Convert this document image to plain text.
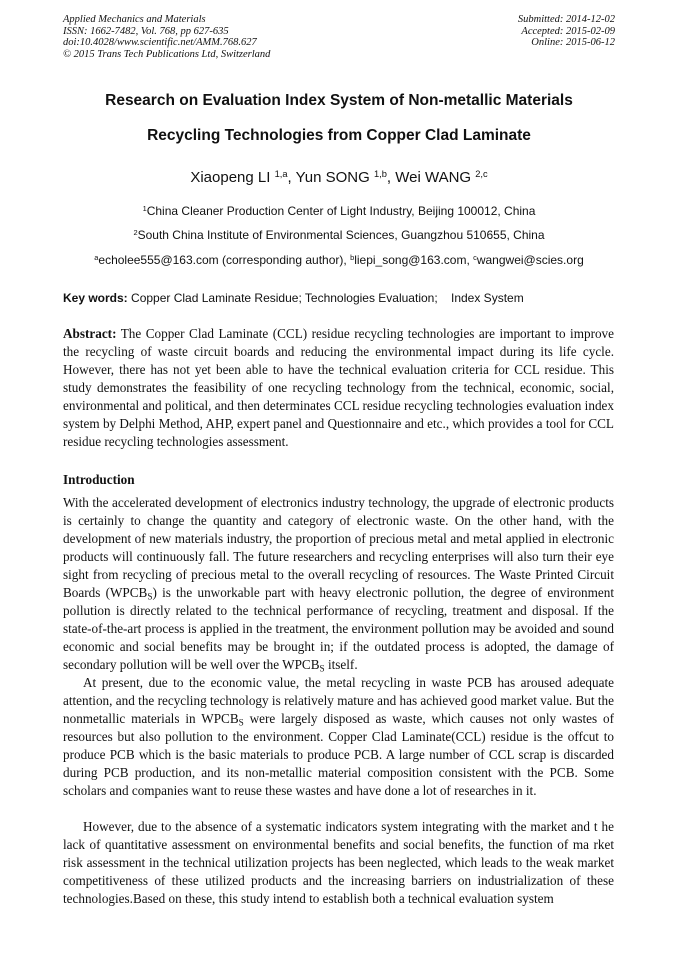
Applied Mechanics and Materials
ISSN: 1662-7482, Vol. 768, pp 627-635
doi:10.4028/www.scientific.net/AMM.768.627
© 2015 Trans Tech Publications Ltd, Switzerland
Submitted: 2014-12-02
Accepted: 2015-02-09
Online: 2015-06-12
Research on Evaluation Index System of Non-metallic Materials
Recycling Technologies from Copper Clad Laminate
Xiaopeng LI $^{1,a}$, Yun SONG $^{1,b}$, Wei WANG $^{2,c}$
$^1$China Cleaner Production Center of Light Industry, Beijing 100012, China
$^2$South China Institute of Environmental Sciences, Guangzhou 510655, China
$^a$echolee555@163.com (corresponding author), $^b$liepi_song@163.com, $^c$wangwei@scies.org
Key words: Copper Clad Laminate Residue; Technologies Evaluation;    Index System
Abstract: The Copper Clad Laminate (CCL) residue recycling technologies are important to improve the recycling of waste circuit boards and reducing the environmental impact during its life cycle. However, there has not yet been able to have the technical evaluation criteria for CCL residue. This study demonstrates the feasibility of one recycling technology from the technical, economic, social, environmental and political, and then determinates CCL residue recycling technologies evaluation index system by Delphi Method, AHP, expert panel and Questionnaire and etc., which provides a tool for CCL residue recycling technologies assessment.
Introduction
With the accelerated development of electronics industry technology, the upgrade of electronic products is certainly to change the quantity and category of electronic waste. On the other hand, with the development of new materials industry, the proportion of precious metal and metal applied in electronic products will continuously fall. The future researchers and recycling enterprises will also turn their eye sight from recycling of precious metal to the overall recycling of resources. The Waste Printed Circuit Boards $(WPCB_S)$ is the unworkable part with heavy electronic pollution, the degree of environment pollution is directly related to the technical performance of recycling, treatment and disposal. If the state-of-the-art process is applied in the treatment, the environment pollution may be avoided and sound economic and social benefits may be brought in; if the outdated process is adopted, the damage of secondary pollution will be well over the $WPCB_S$ itself.
At present, due to the economic value, the metal recycling in waste PCB has aroused adequate attention, and the recycling technology is relatively mature and has achieved good market value. But the nonmetallic materials in $WPCB_S$ were largely disposed as waste, which causes not only wastes of resources but also pollution to the environment. Copper Clad Laminate(CCL) residue is the offcut to produce PCB which is the basic materials to produce PCB. A large number of CCL scrap is discarded during PCB production, and its non-metallic material composition consistent with the PCB. Some scholars and companies want to reuse these wastes and have done a lot of researches in it.
However, due to the absence of a systematic indicators system integrating with the market and t he lack of quantitative assessment on environmental benefits and social benefits, the function of ma rket risk assessment in the technical utilization projects has been neglected, which leads to the weak market competitiveness of these utilized products and the increasing barriers on industrialization of these technologies.Based on these, this study intend to establish both a technical evaluation system
